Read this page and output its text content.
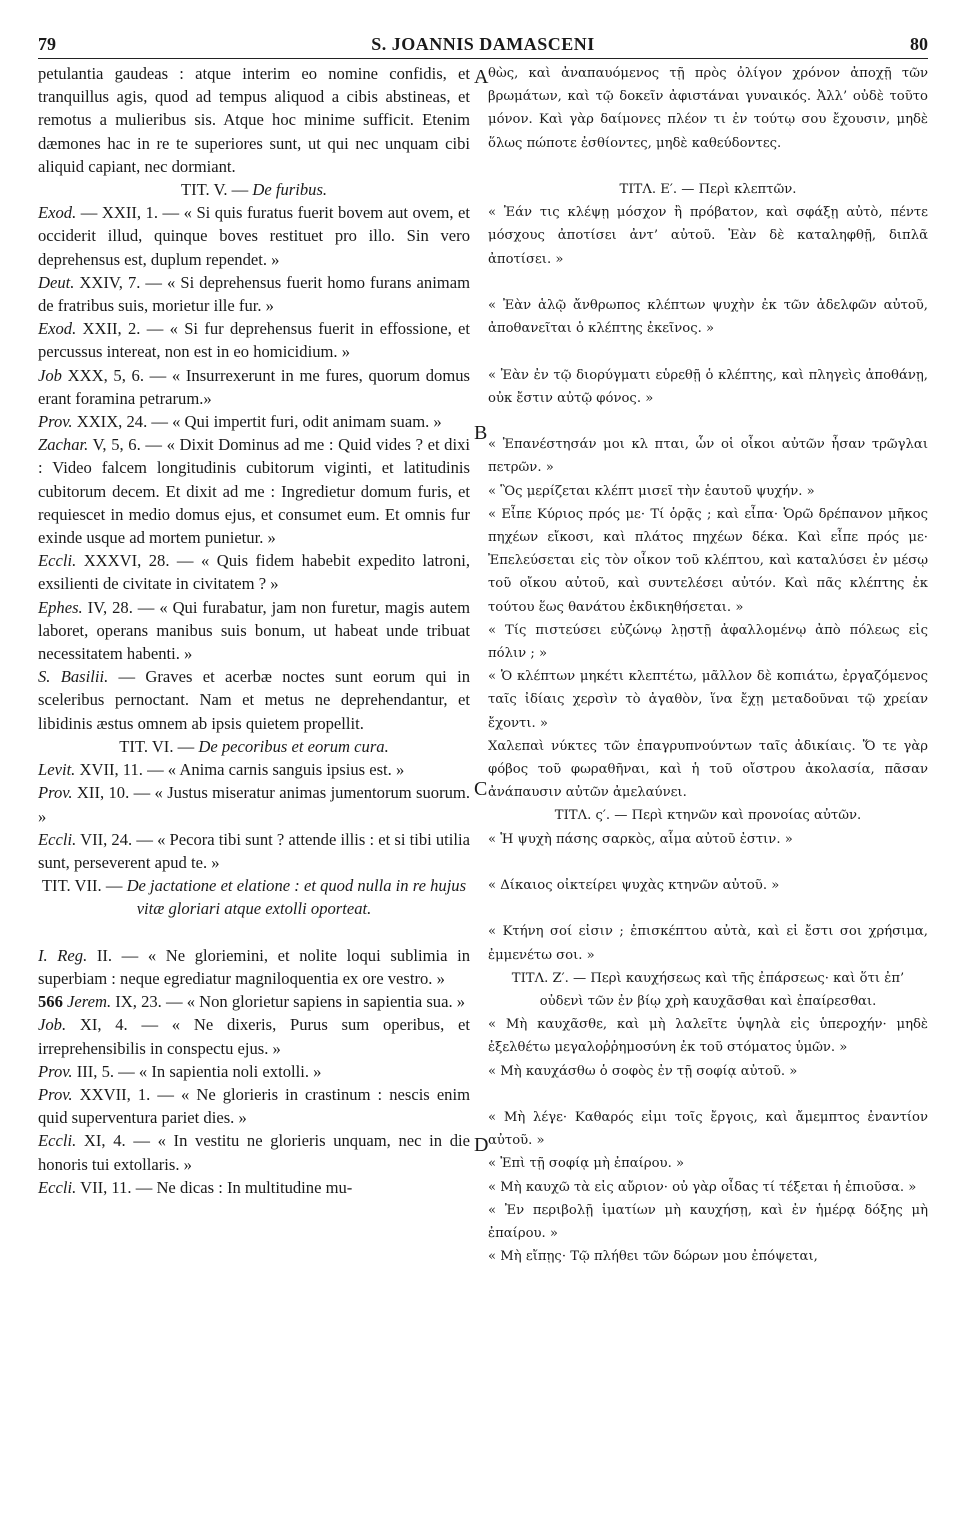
79	S. JOANNIS DAMASCENI	80
petulantia gaudeas : atque interim eo nomine confidis, et tranquillus agis, quod ad tempus aliquod a cibis abstineas, et remotus a mulieribus sis. Atque hoc minime sufficit. Etenim dæmones hac in re te superiores sunt, ut qui nec unquam cibi aliquid capiant, nec dormiant.
TIT. V. — De furibus.
Exod. — XXII, 1. — « Si quis furatus fuerit bovem aut ovem, et occiderit illud, quinque boves restituet pro illo. Sin vero deprehensus est, duplum rependet. »
Deut. XXIV, 7. — « Si deprehensus fuerit homo furans animam de fratribus suis, morietur ille fur. »
Exod. XXII, 2. — « Si fur deprehensus fuerit in effossione, et percussus intereat, non est in eo homicidium. »
Job XXX, 5, 6. — « Insurrexerunt in me fures, quorum domus erant foramina petrarum.»
Prov. XXIX, 24. — « Qui impertit furi, odit animam suam. »
Zachar. V, 5, 6. — « Dixit Dominus ad me : Quid vides ? et dixi : Video falcem longitudinis cubitorum viginti, et latitudinis cubitorum decem. Et dixit ad me : Ingredietur domum furis, et requiescet in medio domus ejus, et consumet eum. Et omnis fur exinde usque ad mortem punietur. »
Eccli. XXXVI, 28. — « Quis fidem habebit expedito latroni, exsilienti de civitate in civitatem ? »
Ephes. IV, 28. — « Qui furabatur, jam non furetur, magis autem laboret, operans manibus suis bonum, ut habeat unde tribuat necessitatem habenti. »
S. Basilii. — Graves et acerbæ noctes sunt eorum qui in sceleribus pernoctant. Nam et metus ne deprehendantur, et libidinis æstus omnem ab ipsis quietem propellit.
TIT. VI. — De pecoribus et eorum cura.
Levit. XVII, 11. — « Anima carnis sanguis ipsius est. »
Prov. XII, 10. — « Justus miseratur animas jumentorum suorum. »
Eccli. VII, 24. — « Pecora tibi sunt ? attende illis : et si tibi utilia sunt, perseverent apud te. »
TIT. VII. — De jactatione et elatione : et quod nulla in re hujus vitæ gloriari atque extolli oporteat.
I. Reg. II. — « Ne gloriemini, et nolite loqui sublimia in superbiam : neque egrediatur magniloquentia ex ore vestro. »
566 Jerem. IX, 23. — « Non glorietur sapiens in sapientia sua. »
Job. XI, 4. — « Ne dixeris, Purus sum operibus, et irreprehensibilis in conspectu ejus. »
Prov. III, 5. — « In sapientia noli extolli. »
Prov. XXVII, 1. — « Ne glorieris in crastinum : nescis enim quid superventura pariet dies. »
Eccli. XI, 4. — « In vestitu ne glorieris unquam, nec in die honoris tui extollaris. »
Eccli. VII, 11. — Ne dicas : In multitudine mu-
θὼς, καὶ ἀναπαυόμενος τῇ πρὸς ὀλίγον χρόνον ἀποχῇ τῶν βρωμάτων, καὶ τῷ δοκεῖν ἀφιστάναι γυναικός. Ἀλλ’ οὐδὲ τοῦτο μόνον. Καὶ γὰρ δαίμονες πλέον τι ἐν τούτῳ σου ἔχουσιν, μηδὲ ὅλως πώποτε ἐσθίοντες, μηδὲ καθεύδοντες.
ΤΙΤΛ. Ε′. — Περὶ κλεπτῶν.
« Ἐάν τις κλέψῃ μόσχον ἢ πρόβατον, καὶ σφάξῃ αὐτὸ, πέντε μόσχους ἀποτίσει ἀντ’ αὐτοῦ. Ἐὰν δὲ καταληφθῇ, διπλᾶ ἀποτίσει. »
« Ἐὰν ἁλῷ ἄνθρωπος κλέπτων ψυχὴν ἐκ τῶν ἀδελφῶν αὐτοῦ, ἀποθανεῖται ὁ κλέπτης ἐκεῖνος. »
« Ἐὰν ἐν τῷ διορύγματι εὑρεθῇ ὁ κλέπτης, καὶ πληγεὶς ἀποθάνῃ, οὐκ ἔστιν αὐτῷ φόνος. »
« Ἐπανέστησάν μοι κλ πται, ὧν οἱ οἶκοι αὐτῶν ἦσαν τρῶγλαι πετρῶν. »
« Ὃς μερίζεται κλέπτ μισεῖ τὴν ἑαυτοῦ ψυχήν. »
« Εἶπε Κύριος πρός με· Τί ὁρᾷς ; καὶ εἶπα· Ὁρῶ δρέπανον μῆκος πηχέων εἴκοσι, καὶ πλάτος πηχέων δέκα. Καὶ εἶπε πρός με· Ἐπελεύσεται εἰς τὸν οἶκον τοῦ κλέπτου, καὶ καταλύσει ἐν μέσῳ τοῦ οἴκου αὐτοῦ, καὶ συντελέσει αὐτόν. Καὶ πᾶς κλέπτης ἐκ τούτου ἕως θανάτου ἐκδικηθήσεται. »
« Τίς πιστεύσει εὐζώνῳ λῃστῇ ἀφαλλομένῳ ἀπὸ πόλεως εἰς πόλιν ; »
« Ὁ κλέπτων μηκέτι κλεπτέτω, μᾶλλον δὲ κοπιάτω, ἐργαζόμενος ταῖς ἰδίαις χερσὶν τὸ ἀγαθὸν, ἵνα ἔχῃ μεταδοῦναι τῷ χρείαν ἔχοντι. »
Χαλεπαὶ νύκτες τῶν ἐπαγρυπνούντων ταῖς ἀδικίαις. Ὅ τε γὰρ φόβος τοῦ φωραθῆναι, καὶ ἡ τοῦ οἴστρου ἀκολασία, πᾶσαν ἀνάπαυσιν αὐτῶν ἀμελαύνει.
ΤΙΤΛ. ς′. — Περὶ κτηνῶν καὶ προνοίας αὐτῶν.
« Ἡ ψυχὴ πάσης σαρκὸς, αἷμα αὐτοῦ ἐστιν. »
« Δίκαιος οἰκτείρει ψυχὰς κτηνῶν αὐτοῦ. »
« Κτήνη σοί εἰσιν ; ἐπισκέπτου αὐτὰ, καὶ εἰ ἔστι σοι χρήσιμα, ἐμμενέτω σοι. »
ΤΙΤΛ. Ζ′. — Περὶ καυχήσεως καὶ τῆς ἐπάρσεως· καὶ ὅτι ἐπ’ οὐδενὶ τῶν ἐν βίῳ χρὴ καυχᾶσθαι καὶ ἐπαίρεσθαι.
« Μὴ καυχᾶσθε, καὶ μὴ λαλεῖτε ὑψηλὰ εἰς ὑπεροχήν· μηδὲ ἐξελθέτω μεγαλοῤῥημοσύνη ἐκ τοῦ στόματος ὑμῶν. »
« Μὴ καυχάσθω ὁ σοφὸς ἐν τῇ σοφίᾳ αὐτοῦ. »
« Μὴ λέγε· Καθαρός εἰμι τοῖς ἔργοις, καὶ ἄμεμπτος ἐναντίον αὐτοῦ. »
« Ἐπὶ τῇ σοφίᾳ μὴ ἐπαίρου. »
« Μὴ καυχῶ τὰ εἰς αὔριον· οὐ γὰρ οἶδας τί τέξεται ἡ ἐπιοῦσα. »
« Ἐν περιβολῇ ἱματίων μὴ καυχήσῃ, καὶ ἐν ἡμέρᾳ δόξης μὴ ἐπαίρου. »
« Μὴ εἴπῃς· Τῷ πλήθει τῶν δώρων μου ἐπόψεται,
A
B
C
D
